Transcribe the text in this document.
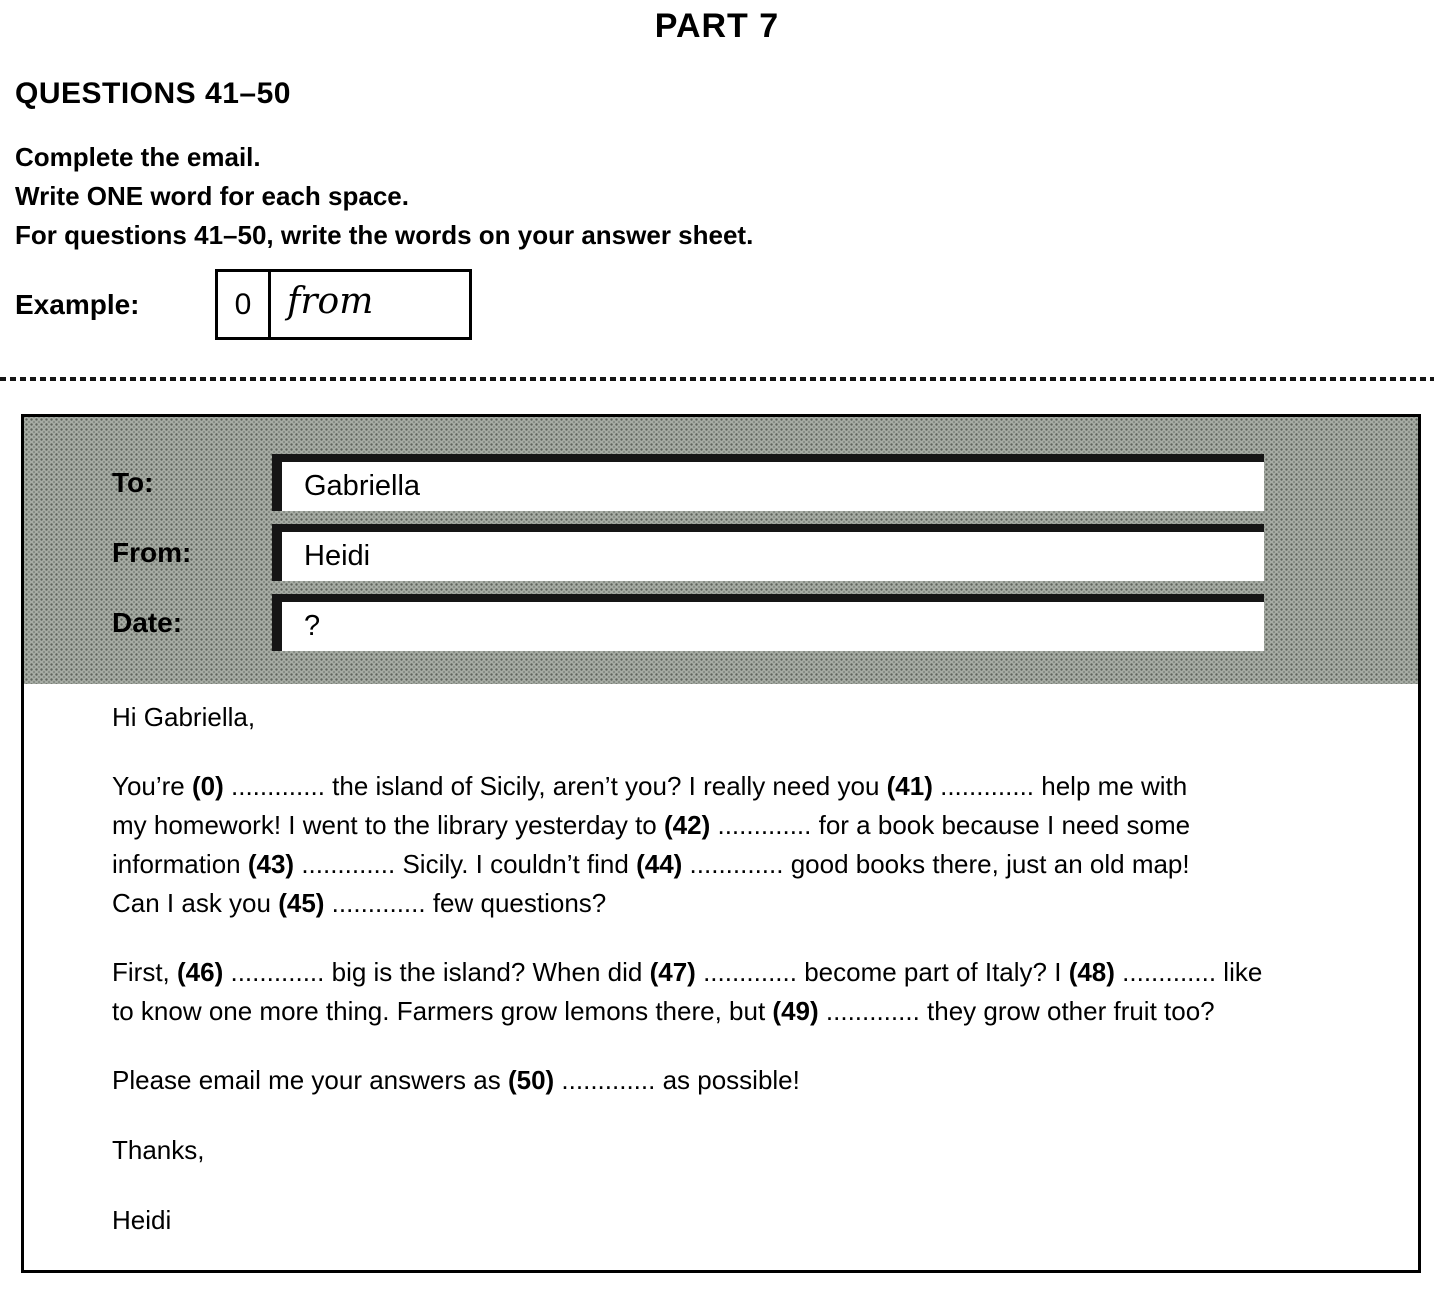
PART 7
QUESTIONS 41–50
Complete the email.
Write ONE word for each space.
For questions 41–50, write the words on your answer sheet.
Example:	0 from
To:	Gabriella
From:	Heidi
Date:	?

Hi Gabriella,

You’re (0) ............. the island of Sicily, aren’t you? I really need you (41) ............. help me with
my homework! I went to the library yesterday to (42) ............. for a book because I need some
information (43) ............. Sicily. I couldn’t find (44) ............. good books there, just an old map!
Can I ask you (45) ............. few questions?
First, (46) ............. big is the island? When did (47) ............. become part of Italy? I (48) ............. like
to know one more thing. Farmers grow lemons there, but (49) ............. they grow other fruit too?
Please email me your answers as (50) ............. as possible!

Thanks,

Heidi
